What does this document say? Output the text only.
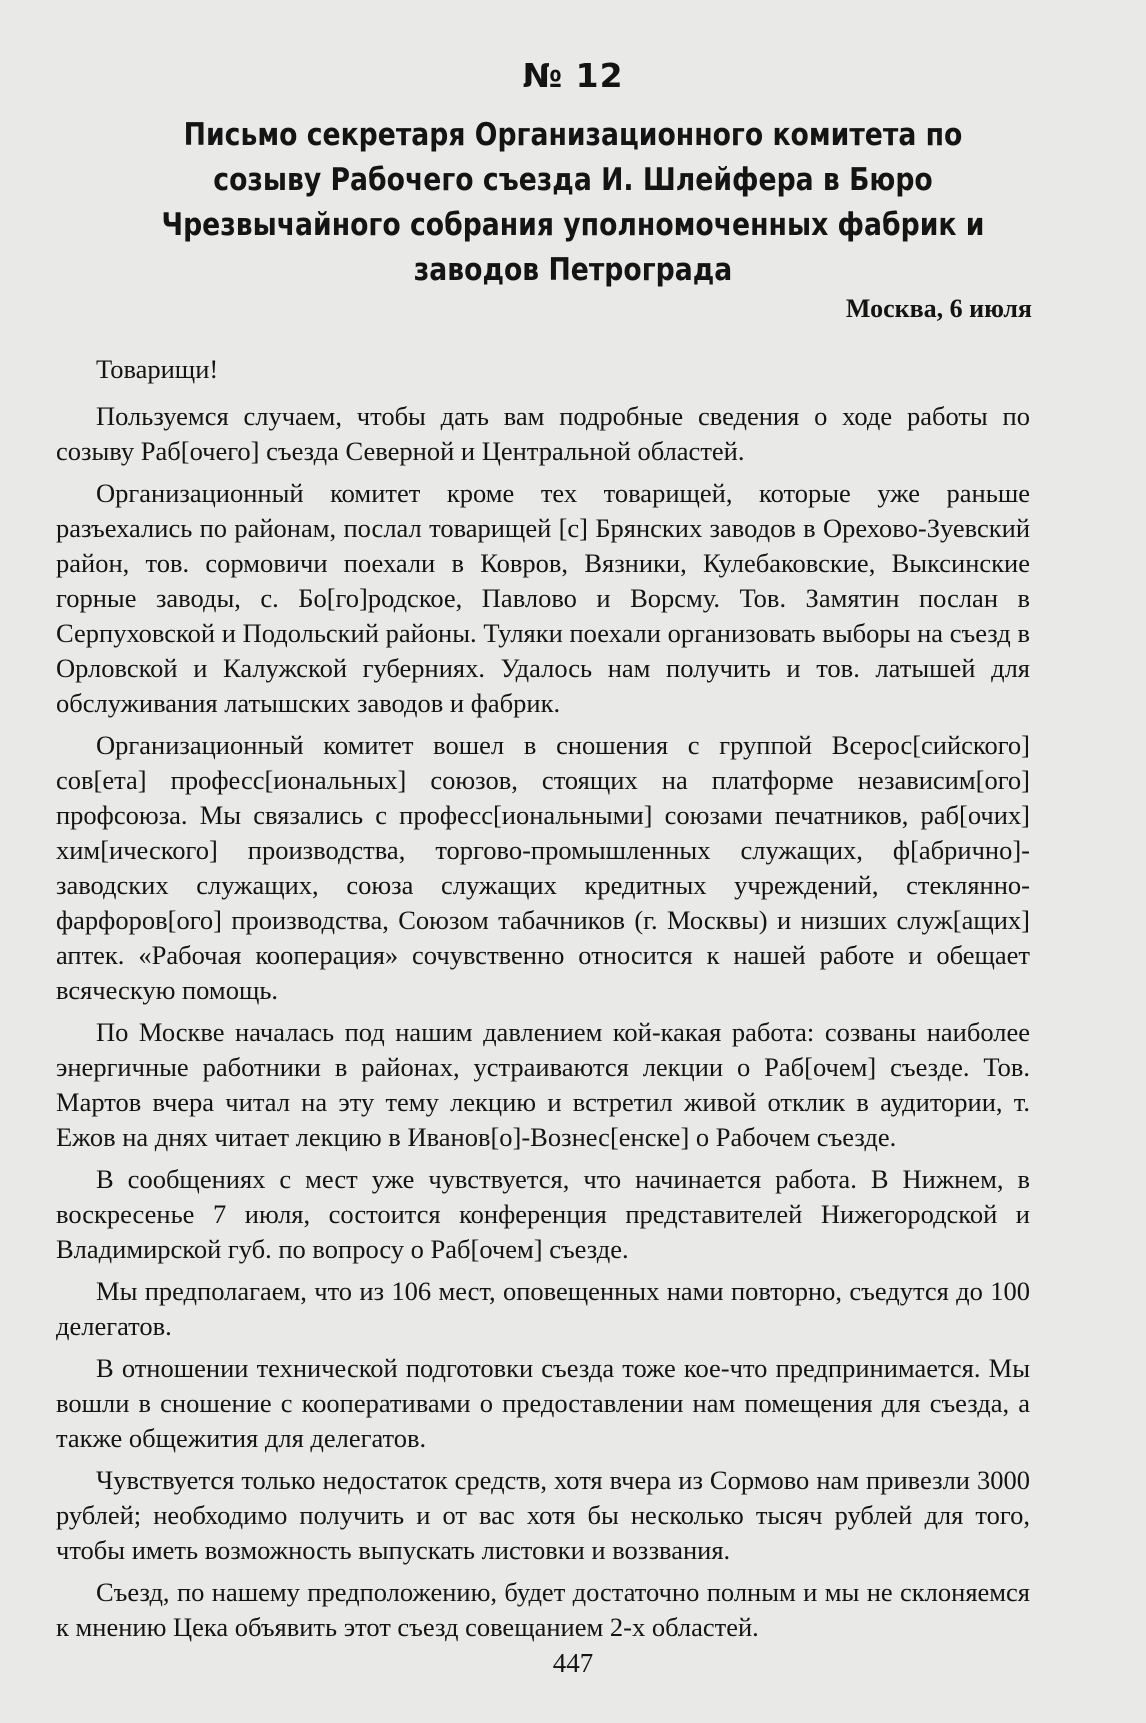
№ 12
Письмо секретаря Организационного комитета по созыву Рабочего съезда И. Шлейфера в Бюро Чрезвычайного собрания уполномоченных фабрик и заводов Петрограда
Москва, 6 июля

Товарищи!

Пользуемся случаем, чтобы дать вам подробные сведения о ходе работы по созыву Раб[очего] съезда Северной и Центральной областей.

Организационный комитет кроме тех товарищей, которые уже раньше разъехались по районам, послал товарищей [с] Брянских заводов в Орехово-Зуевский район, тов. сормовичи поехали в Ковров, Вязники, Кулебаковские, Выксинские горные заводы, с. Бо[го]родское, Павлово и Ворсму. Тов. Замятин послан в Серпуховской и Подольский районы. Туляки поехали организовать выборы на съезд в Орловской и Калужской губерниях. Удалось нам получить и тов. латышей для обслуживания латышских заводов и фабрик.

Организационный комитет вошел в сношения с группой Всерос[сийского] сов[ета] професс[иональных] союзов, стоящих на платформе независим[ого] профсоюза. Мы связались с професс[иональными] союзами печатников, раб[очих] хим[ического] производства, торгово-промышленных служащих, ф[абрично]-заводских служащих, союза служащих кредитных учреждений, стеклянно-фарфоров[ого] производства, Союзом табачников (г. Москвы) и низших служ[ащих] аптек. «Рабочая кооперация» сочувственно относится к нашей работе и обещает всяческую помощь.

По Москве началась под нашим давлением кой-какая работа: созваны наиболее энергичные работники в районах, устраиваются лекции о Раб[очем] съезде. Тов. Мартов вчера читал на эту тему лекцию и встретил живой отклик в аудитории, т. Ежов на днях читает лекцию в Иванов[о]-Вознес[енске] о Рабочем съезде.

В сообщениях с мест уже чувствуется, что начинается работа. В Нижнем, в воскресенье 7 июля, состоится конференция представителей Нижегородской и Владимирской губ. по вопросу о Раб[очем] съезде.

Мы предполагаем, что из 106 мест, оповещенных нами повторно, съедутся до 100 делегатов.

В отношении технической подготовки съезда тоже кое-что предпринимается. Мы вошли в сношение с кооперативами о предоставлении нам помещения для съезда, а также общежития для делегатов.

Чувствуется только недостаток средств, хотя вчера из Сормово нам привезли 3000 рублей; необходимо получить и от вас хотя бы несколько тысяч рублей для того, чтобы иметь возможность выпускать листовки и воззвания.

Съезд, по нашему предположению, будет достаточно полным и мы не склоняемся к мнению Цека объявить этот съезд совещанием 2-х областей.

447
